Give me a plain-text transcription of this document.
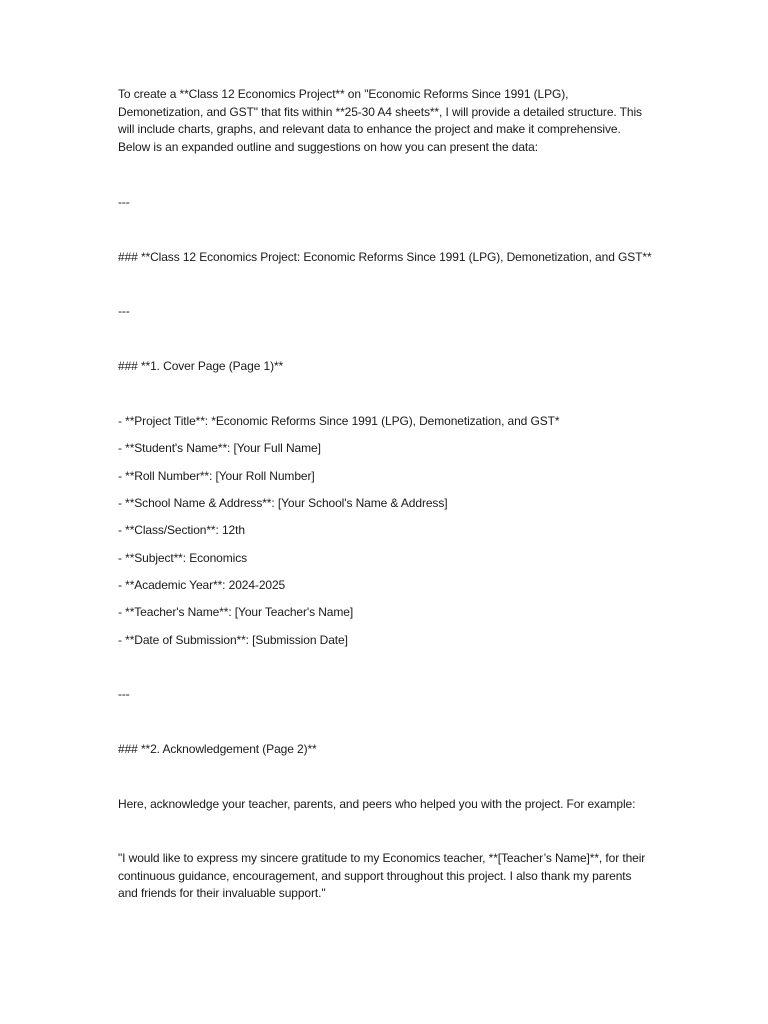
To create a **Class 12 Economics Project** on "Economic Reforms Since 1991 (LPG), Demonetization, and GST" that fits within **25-30 A4 sheets**, I will provide a detailed structure. This will include charts, graphs, and relevant data to enhance the project and make it comprehensive. Below is an expanded outline and suggestions on how you can present the data:
---
### **Class 12 Economics Project: Economic Reforms Since 1991 (LPG), Demonetization, and GST**
---
### **1. Cover Page (Page 1)**
- **Project Title**: *Economic Reforms Since 1991 (LPG), Demonetization, and GST*
- **Student's Name**: [Your Full Name]
- **Roll Number**: [Your Roll Number]
- **School Name & Address**: [Your School's Name & Address]
- **Class/Section**: 12th
- **Subject**: Economics
- **Academic Year**: 2024-2025
- **Teacher's Name**: [Your Teacher's Name]
- **Date of Submission**: [Submission Date]
---
### **2. Acknowledgement (Page 2)**
Here, acknowledge your teacher, parents, and peers who helped you with the project. For example:
"I would like to express my sincere gratitude to my Economics teacher, **[Teacher’s Name]**, for their continuous guidance, encouragement, and support throughout this project. I also thank my parents and friends for their invaluable support."
